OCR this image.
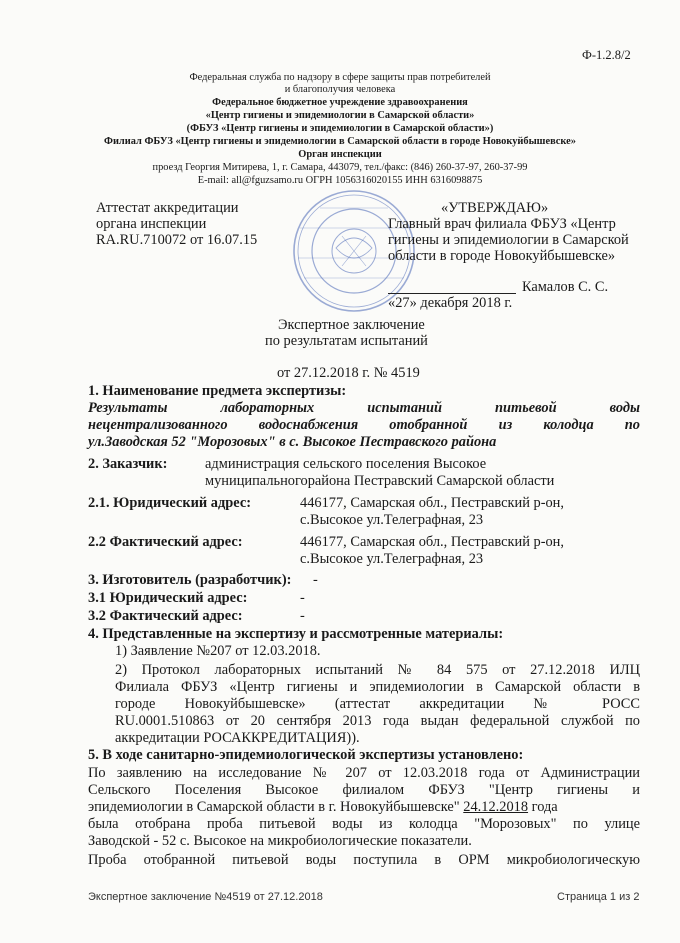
Ф-1.2.8/2
Федеральная служба по надзору в сфере защиты прав потребителей
и благополучия человека
Федеральное бюджетное учреждение здравоохранения
«Центр гигиены и эпидемиологии в Самарской области»
(ФБУЗ «Центр гигиены и эпидемиологии в Самарской области»)
Филиал ФБУЗ «Центр гигиены и эпидемиологии в Самарской области в городе Новокуйбышевске»
Орган инспекции
проезд Георгия Митирева, 1, г. Самара, 443079, тел./факс: (846) 260-37-97, 260-37-99
E-mail: all@fguzsamo.ru ОГРН 1056316020155 ИНН 6316098875
Аттестат аккредитации
органа инспекции
RA.RU.710072 от 16.07.15
«УТВЕРЖДАЮ»
Главный врач филиала ФБУЗ «Центр
гигиены и эпидемиологии в Самарской
области в городе Новокуйбышевске»
Камалов С. С.
«27» декабря 2018 г.
Экспертное заключение
по результатам испытаний
от 27.12.2018 г. № 4519
1. Наименование предмета экспертизы:
Результаты лабораторных испытаний питьевой воды
нецентрализованного водоснабжения отобранной из колодца по
ул.Заводская 52 "Морозовых" в с. Высокое Пестравского района
2. Заказчик:	администрация сельского поселения Высокое
муниципальногорайона Пестравский Самарской области
2.1. Юридический адрес:	446177, Самарская обл., Пестравский р-он,
с.Высокое ул.Телеграфная, 23
2.2 Фактический адрес:	446177, Самарская обл., Пестравский р-он,
с.Высокое ул.Телеграфная, 23
3. Изготовитель (разработчик): -
3.1 Юридический адрес:	-
3.2 Фактический адрес:	-
4. Представленные на экспертизу и рассмотренные материалы:
1) Заявление №207 от 12.03.2018.
2) Протокол лабораторных испытаний № 84 575 от 27.12.2018 ИЛЦ
Филиала ФБУЗ «Центр гигиены и эпидемиологии в Самарской области в
городе Новокуйбышевске» (аттестат аккредитации № РОСС
RU.0001.510863 от 20 сентября 2013 года выдан федеральной службой по
аккредитации РОСАККРЕДИТАЦИЯ)).
5. В ходе санитарно-эпидемиологической экспертизы установлено:
По заявлению на исследование № 207 от 12.03.2018 года от Администрации
Сельского Поселения Высокое филиалом ФБУЗ "Центр гигиены и
эпидемиологии в Самарской области в г. Новокуйбышевске" 24.12.2018 года
была отобрана проба питьевой воды из колодца "Морозовых" по улице
Заводской - 52 с. Высокое на микробиологические показатели.
Проба отобранной питьевой воды поступила в ОРМ микробиологическую
Экспертное заключение №4519 от 27.12.2018	Страница 1 из 2
